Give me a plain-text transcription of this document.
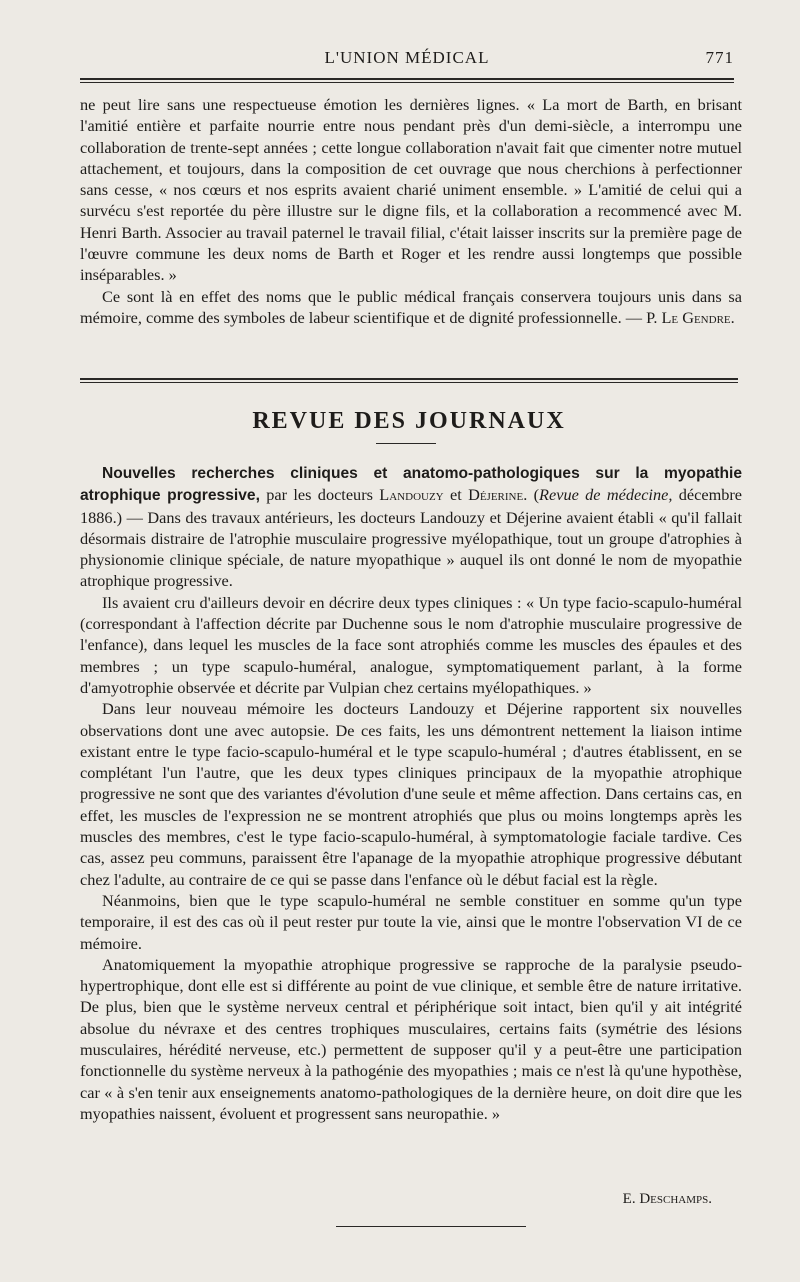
L'UNION MÉDICAL	771

ne peut lire sans une respectueuse émotion les dernières lignes. « La mort de Barth, en brisant l'amitié entière et parfaite nourrie entre nous pendant près d'un demi-siècle, a interrompu une collaboration de trente-sept années ; cette longue collaboration n'avait fait que cimenter notre mutuel attachement, et toujours, dans la composition de cet ouvrage que nous cherchions à perfectionner sans cesse, « nos cœurs et nos esprits avaient charié uniment ensemble. » L'amitié de celui qui a survécu s'est reportée du père illustre sur le digne fils, et la collaboration a recommencé avec M. Henri Barth. Associer au travail paternel le travail filial, c'était laisser inscrits sur la première page de l'œuvre commune les deux noms de Barth et Roger et les rendre aussi longtemps que possible inséparables. »

Ce sont là en effet des noms que le public médical français conservera toujours unis dans sa mémoire, comme des symboles de labeur scientifique et de dignité professionnelle. — P. Le Gendre.

REVUE DES JOURNAUX

Nouvelles recherches cliniques et anatomo-pathologiques sur la myopathie atrophique progressive, par les docteurs Landouzy et Déjerine. (Revue de médecine, décembre 1886.) — Dans des travaux antérieurs, les docteurs Landouzy et Déjerine avaient établi « qu'il fallait désormais distraire de l'atrophie musculaire progressive myélopathique, tout un groupe d'atrophies à physionomie clinique spéciale, de nature myopathique » auquel ils ont donné le nom de myopathie atrophique progressive.

Ils avaient cru d'ailleurs devoir en décrire deux types cliniques : « Un type facio-scapulo-huméral (correspondant à l'affection décrite par Duchenne sous le nom d'atrophie musculaire progressive de l'enfance), dans lequel les muscles de la face sont atrophiés comme les muscles des épaules et des membres ; un type scapulo-huméral, analogue, symptomatiquement parlant, à la forme d'amyotrophie observée et décrite par Vulpian chez certains myélopathiques. »

Dans leur nouveau mémoire les docteurs Landouzy et Déjerine rapportent six nouvelles observations dont une avec autopsie. De ces faits, les uns démontrent nettement la liaison intime existant entre le type facio-scapulo-huméral et le type scapulo-huméral ; d'autres établissent, en se complétant l'un l'autre, que les deux types cliniques principaux de la myopathie atrophique progressive ne sont que des variantes d'évolution d'une seule et même affection. Dans certains cas, en effet, les muscles de l'expression ne se montrent atrophiés que plus ou moins longtemps après les muscles des membres, c'est le type facio-scapulo-huméral, à symptomatologie faciale tardive. Ces cas, assez peu communs, paraissent être l'apanage de la myopathie atrophique progressive débutant chez l'adulte, au contraire de ce qui se passe dans l'enfance où le début facial est la règle.

Néanmoins, bien que le type scapulo-huméral ne semble constituer en somme qu'un type temporaire, il est des cas où il peut rester pur toute la vie, ainsi que le montre l'observation VI de ce mémoire.

Anatomiquement la myopathie atrophique progressive se rapproche de la paralysie pseudo-hypertrophique, dont elle est si différente au point de vue clinique, et semble être de nature irritative. De plus, bien que le système nerveux central et périphérique soit intact, bien qu'il y ait intégrité absolue du névraxe et des centres trophiques musculaires, certains faits (symétrie des lésions musculaires, hérédité nerveuse, etc.) permettent de supposer qu'il y a peut-être une participation fonctionnelle du système nerveux à la pathogénie des myopathies ; mais ce n'est là qu'une hypothèse, car « à s'en tenir aux enseignements anatomo-pathologiques de la dernière heure, on doit dire que les myopathies naissent, évoluent et progressent sans neuropathie. »

E. Deschamps.
